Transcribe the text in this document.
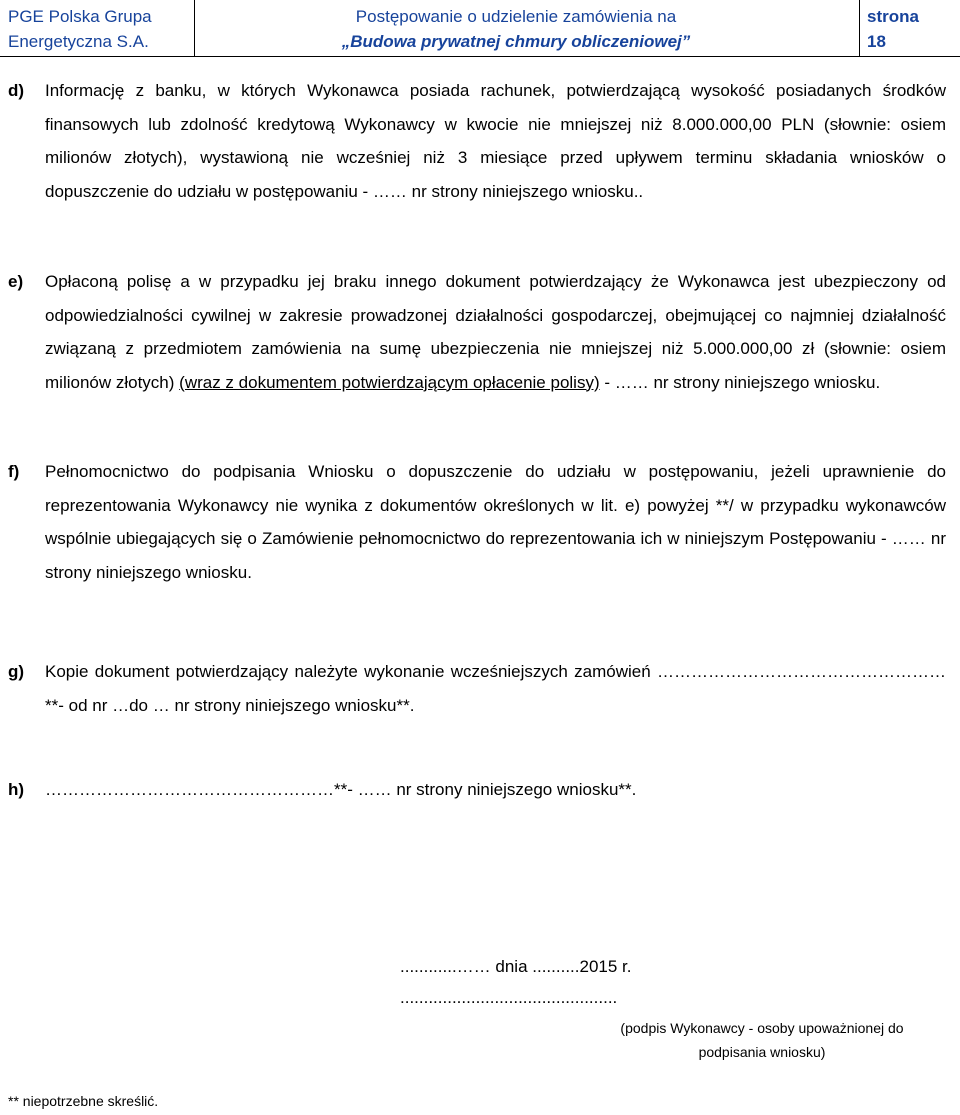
PGE Polska Grupa
Energetyczna S.A.
Postępowanie o udzielenie zamówienia na
„Budowa prywatnej chmury obliczeniowej”
strona
18
d) Informację z banku, w których Wykonawca posiada rachunek, potwierdzającą wysokość posiadanych środków finansowych lub zdolność kredytową Wykonawcy w kwocie nie mniejszej niż 8.000.000,00 PLN (słownie: osiem milionów złotych), wystawioną nie wcześniej niż 3 miesiące przed upływem terminu składania wniosków o dopuszczenie do udziału w postępowaniu - …… nr strony niniejszego wniosku..
e) Opłaconą polisę a w przypadku jej braku innego dokument potwierdzający że Wykonawca jest ubezpieczony od odpowiedzialności cywilnej w zakresie prowadzonej działalności gospodarczej, obejmującej co najmniej działalność związaną z przedmiotem zamówienia na sumę ubezpieczenia nie mniejszej niż 5.000.000,00 zł (słownie: osiem milionów złotych) (wraz z dokumentem potwierdzającym opłacenie polisy) - …… nr strony niniejszego wniosku.
f) Pełnomocnictwo do podpisania Wniosku o dopuszczenie do udziału w postępowaniu, jeżeli uprawnienie do reprezentowania Wykonawcy nie wynika z dokumentów określonych w lit. e) powyżej **/ w przypadku wykonawców wspólnie ubiegających się o Zamówienie pełnomocnictwo do reprezentowania ich w niniejszym Postępowaniu - …… nr strony niniejszego wniosku.
g) Kopie dokument potwierdzający należyte wykonanie wcześniejszych zamówień ……………………………………………**- od nr …do … nr strony niniejszego wniosku**.
h) ……………………………………………**- …… nr strony niniejszego wniosku**.
............…… dnia ..........2015 r.
..............................................
(podpis Wykonawcy - osoby upoważnionej do
podpisania wniosku)
** niepotrzebne skreślić.
